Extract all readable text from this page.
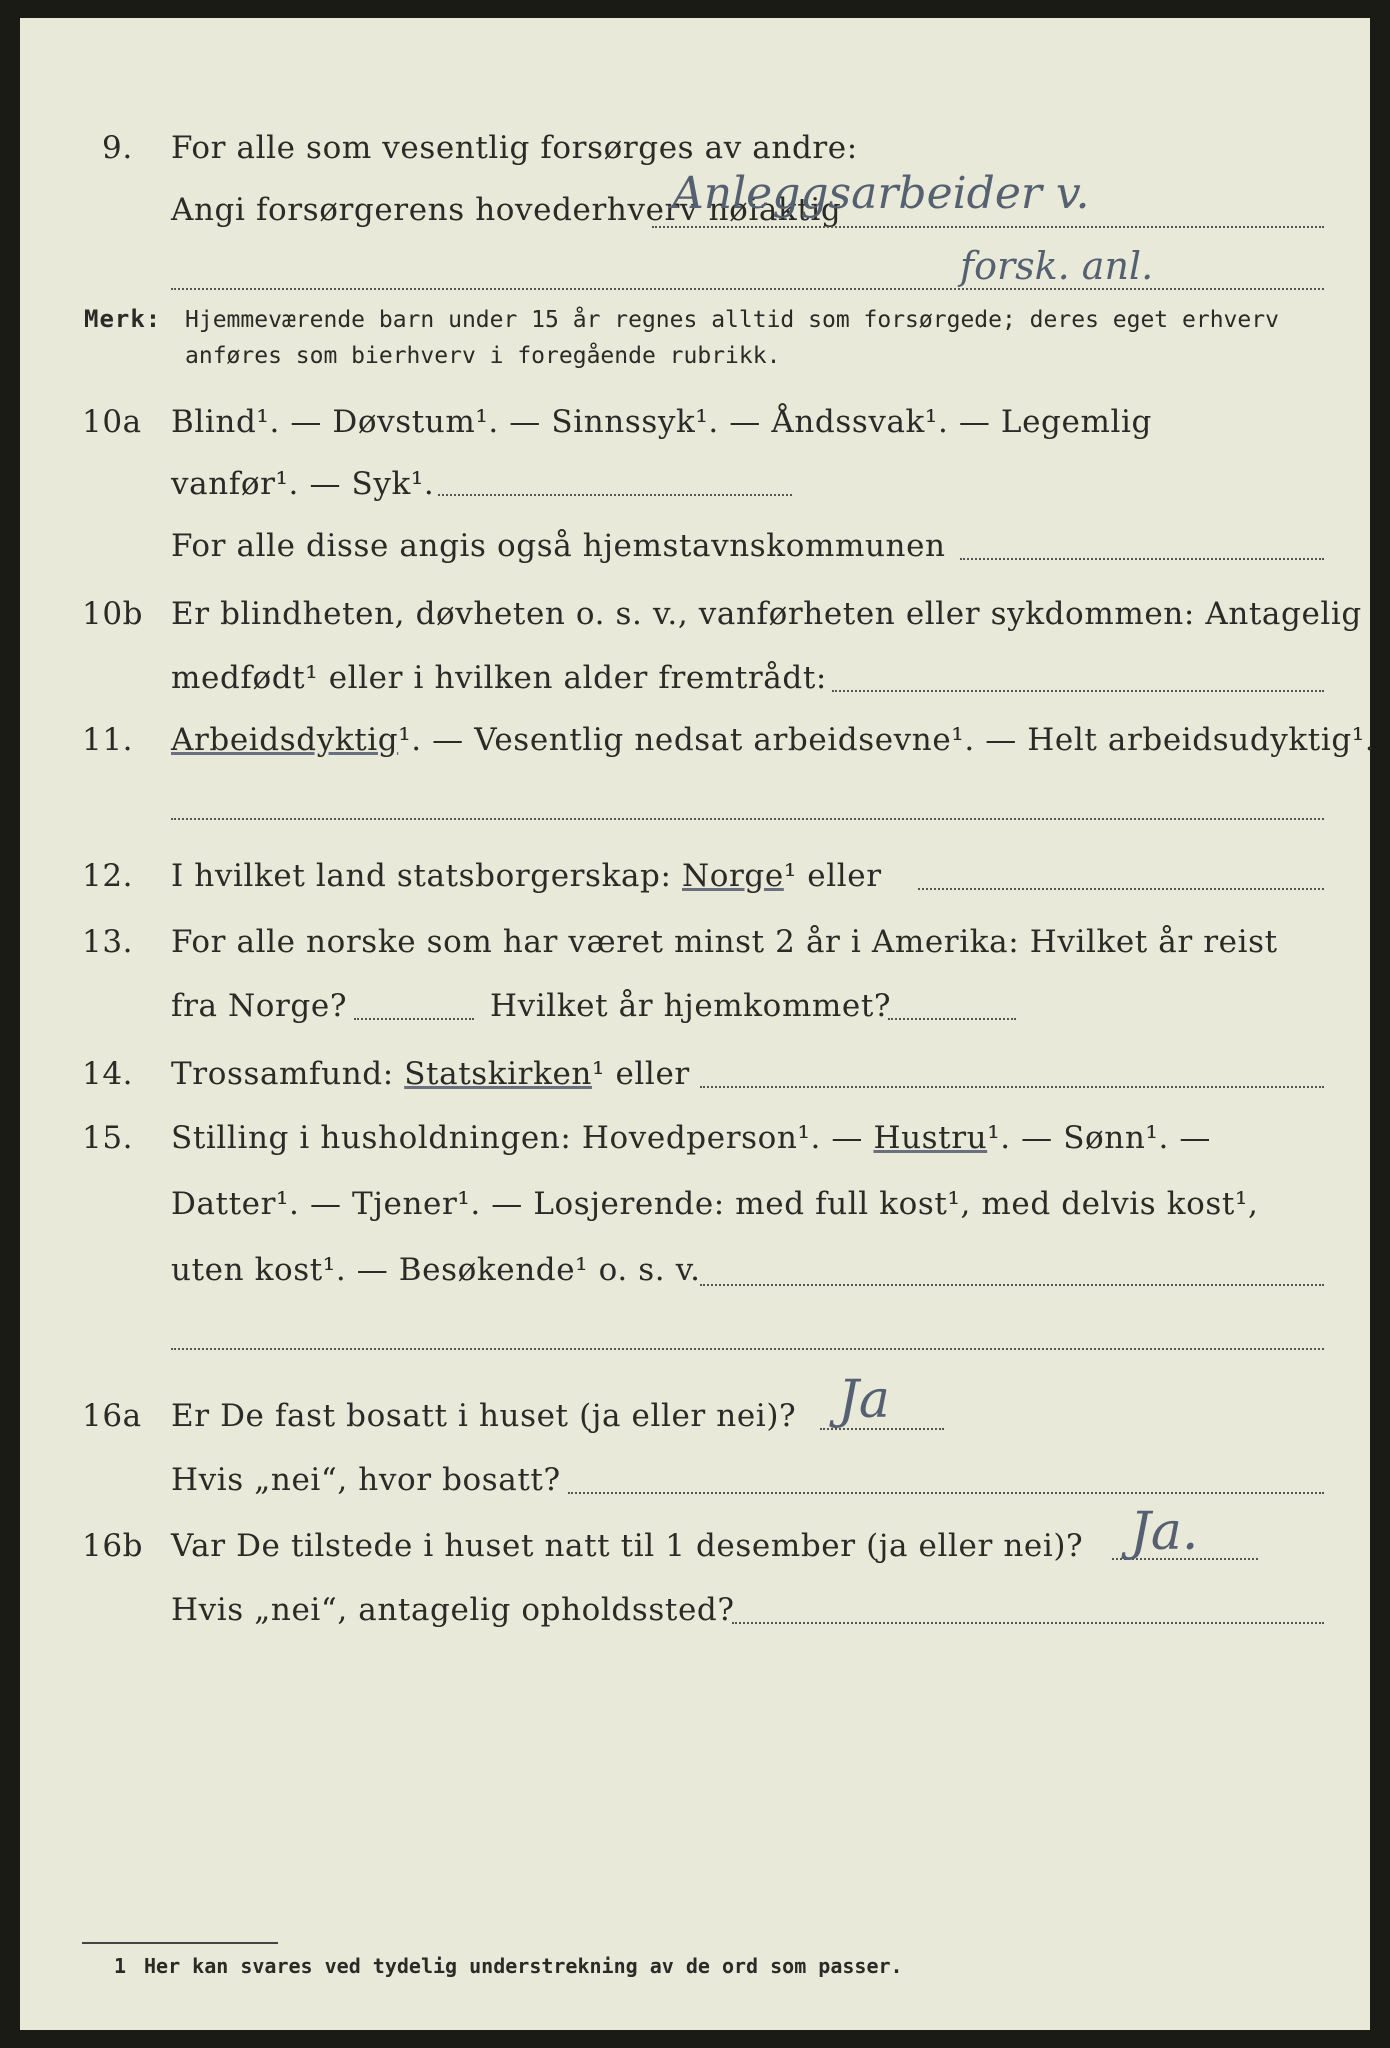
9. For alle som vesentlig forsørges av andre:
Angi forsørgerens hovederhverv nøiaktig
Anleggsarbeider v.
forsk. anl.
Merk: Hjemmeværende barn under 15 år regnes alltid som forsørgede; deres eget erhverv
anføres som bierhverv i foregående rubrikk.
10a Blind¹. — Døvstum¹. — Sinnssyk¹. — Åndssvak¹. — Legemlig
vanfør¹. — Syk¹.
For alle disse angis også hjemstavnskommunen
10b Er blindheten, døvheten o. s. v., vanførheten eller sykdommen: Antagelig
medfødt¹ eller i hvilken alder fremtrådt:
11. Arbeidsdyktig¹. — Vesentlig nedsat arbeidsevne¹. — Helt arbeidsudyktig¹.
12. I hvilket land statsborgerskap: Norge¹ eller
13. For alle norske som har været minst 2 år i Amerika: Hvilket år reist
fra Norge?	Hvilket år hjemkommet?
14. Trossamfund: Statskirken¹ eller
15. Stilling i husholdningen: Hovedperson¹. — Hustru¹. — Sønn¹. —
Datter¹. — Tjener¹. — Losjerende: med full kost¹, med delvis kost¹,
uten kost¹. — Besøkende¹ o. s. v.
16a Er De fast bosatt i huset (ja eller nei)? Ja
Hvis „nei“, hvor bosatt?
16b Var De tilstede i huset natt til 1 desember (ja eller nei)? Ja.
Hvis „nei“, antagelig opholdssted?
1 Her kan svares ved tydelig understrekning av de ord som passer.
